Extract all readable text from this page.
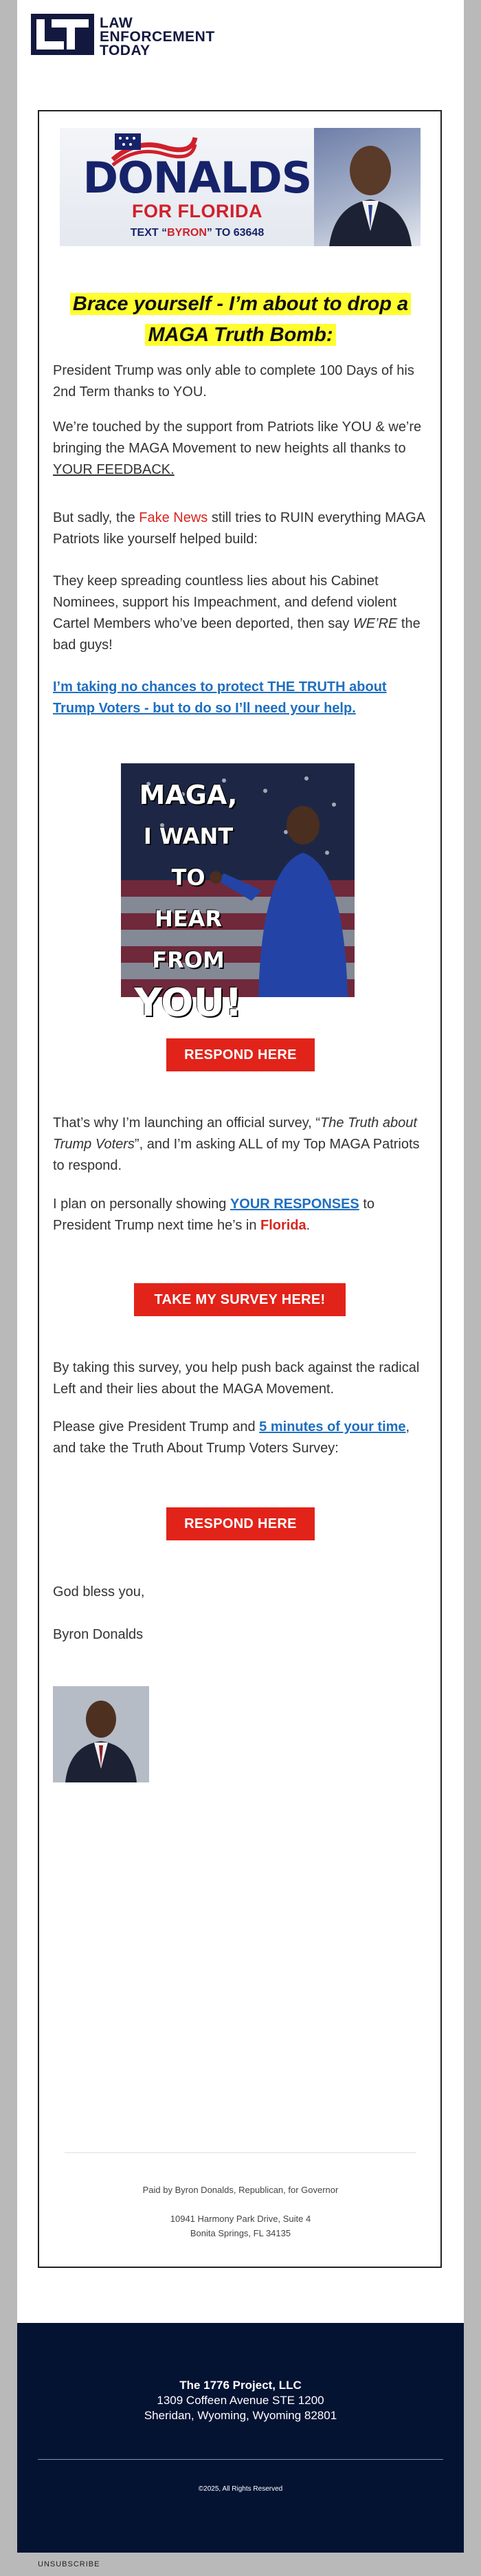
LAW
ENFORCEMENT
TODAY
DONALDS
FOR FLORIDA
TEXT “BYRON” TO 63648
Brace yourself - I’m about to drop a MAGA Truth Bomb:
President Trump was only able to complete 100 Days of his 2nd Term thanks to YOU.
We’re touched by the support from Patriots like YOU & we’re bringing the MAGA Movement to new heights all thanks to YOUR FEEDBACK.
But sadly, the Fake News still tries to RUIN everything MAGA Patriots like yourself helped build:
They keep spreading countless lies about his Cabinet Nominees, support his Impeachment, and defend violent Cartel Members who’ve been deported, then say WE’RE the bad guys!
I’m taking no chances to protect THE TRUTH about Trump Voters - but to do so I’ll need your help.
MAGA,
I WANT TO
HEAR
FROM
YOU!
RESPOND HERE
That’s why I’m launching an official survey, “The Truth about Trump Voters”, and I’m asking ALL of my Top MAGA Patriots to respond.
I plan on personally showing YOUR RESPONSES to President Trump next time he’s in Florida.
TAKE MY SURVEY HERE!
By taking this survey, you help push back against the radical Left and their lies about the MAGA Movement.
Please give President Trump and 5 minutes of your time, and take the Truth About Trump Voters Survey:
RESPOND HERE
God bless you,
Byron Donalds
Paid by Byron Donalds, Republican, for Governor
10941 Harmony Park Drive, Suite 4
Bonita Springs, FL 34135
The 1776 Project, LLC
1309 Coffeen Avenue STE 1200
Sheridan, Wyoming, Wyoming 82801
©2025, All Rights Reserved
UNSUBSCRIBE
